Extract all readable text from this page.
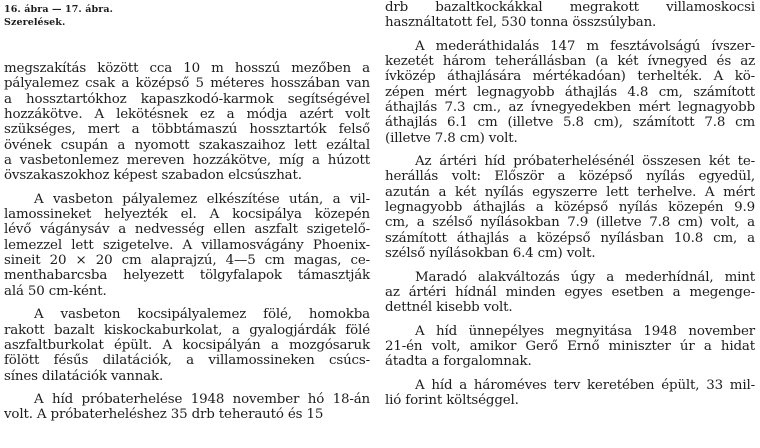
16. ábra — 17. ábra.
Szerelések.
megszakítás között cca 10 m hosszú mezőben a
pályalemez csak a középső 5 méteres hosszában van
a hossztartókhoz kapaszkodó-karmok segítségével
hozzákötve. A lekötésnek ez a módja azért volt
szükséges, mert a többtámaszú hossztartók felső
övének csupán a nyomott szakaszaihoz lett ezáltal
a vasbetonlemez mereven hozzákötve, míg a húzott
övszakaszokhoz képest szabadon elcsúszhat.
A vasbeton pályalemez elkészítése után, a vil-
lamossineket helyezték el. A kocsipálya közepén
lévő vágánysáv a nedvesség ellen aszfalt szigetelő-
lemezzel lett szigetelve. A villamosvágány Phoenix-
sineit 20 × 20 cm alaprajzú, 4—5 cm magas, ce-
menthabarcsba helyezett tölgyfalapok támasztják
alá 50 cm-ként.
A vasbeton kocsipályalemez fölé, homokba
rakott bazalt kiskockaburkolat, a gyalogjárdák fölé
aszfaltburkolat épült. A kocsipályán a mozgósaruk
fölött fésűs dilatációk, a villamossineken csúcs-
sínes dilatációk vannak.
A híd próbaterhelése 1948 november hó 18-án
volt. A próbaterheléshez 35 drb teherautó és 15
drb bazaltkockákkal megrakott villamoskocsi
használtatott fel, 530 tonna összsúlyban.
A mederáthidalás 147 m fesztávolságú ívszer-
kezetét három teherállásban (a két ívnegyed és az
ívközép áthajlására mértékadóan) terhelték. A kö-
zépen mért legnagyobb áthajlás 4.8 cm, számított
áthajlás 7.3 cm., az ívnegyedekben mért legnagyobb
áthajlás 6.1 cm (illetve 5.8 cm), számított 7.8 cm
(illetve 7.8 cm) volt.
Az ártéri híd próbaterhelésénél összesen két te-
herállás volt: Először a középső nyílás egyedül,
azután a két nyílás egyszerre lett terhelve. A mért
legnagyobb áthajlás a középső nyílás közepén 9.9
cm, a szélső nyílásokban 7.9 (illetve 7.8 cm) volt, a
számított áthajlás a középső nyílásban 10.8 cm, a
szélső nyílásokban 6.4 cm) volt.
Maradó alakváltozás úgy a mederhídnál, mint
az ártéri hídnál minden egyes esetben a megenge-
dettnél kisebb volt.
A híd ünnepélyes megnyitása 1948 november
21-én volt, amikor Gerő Ernő miniszter úr a hidat
átadta a forgalomnak.
A híd a hároméves terv keretében épült, 33 mil-
lió forint költséggel.
